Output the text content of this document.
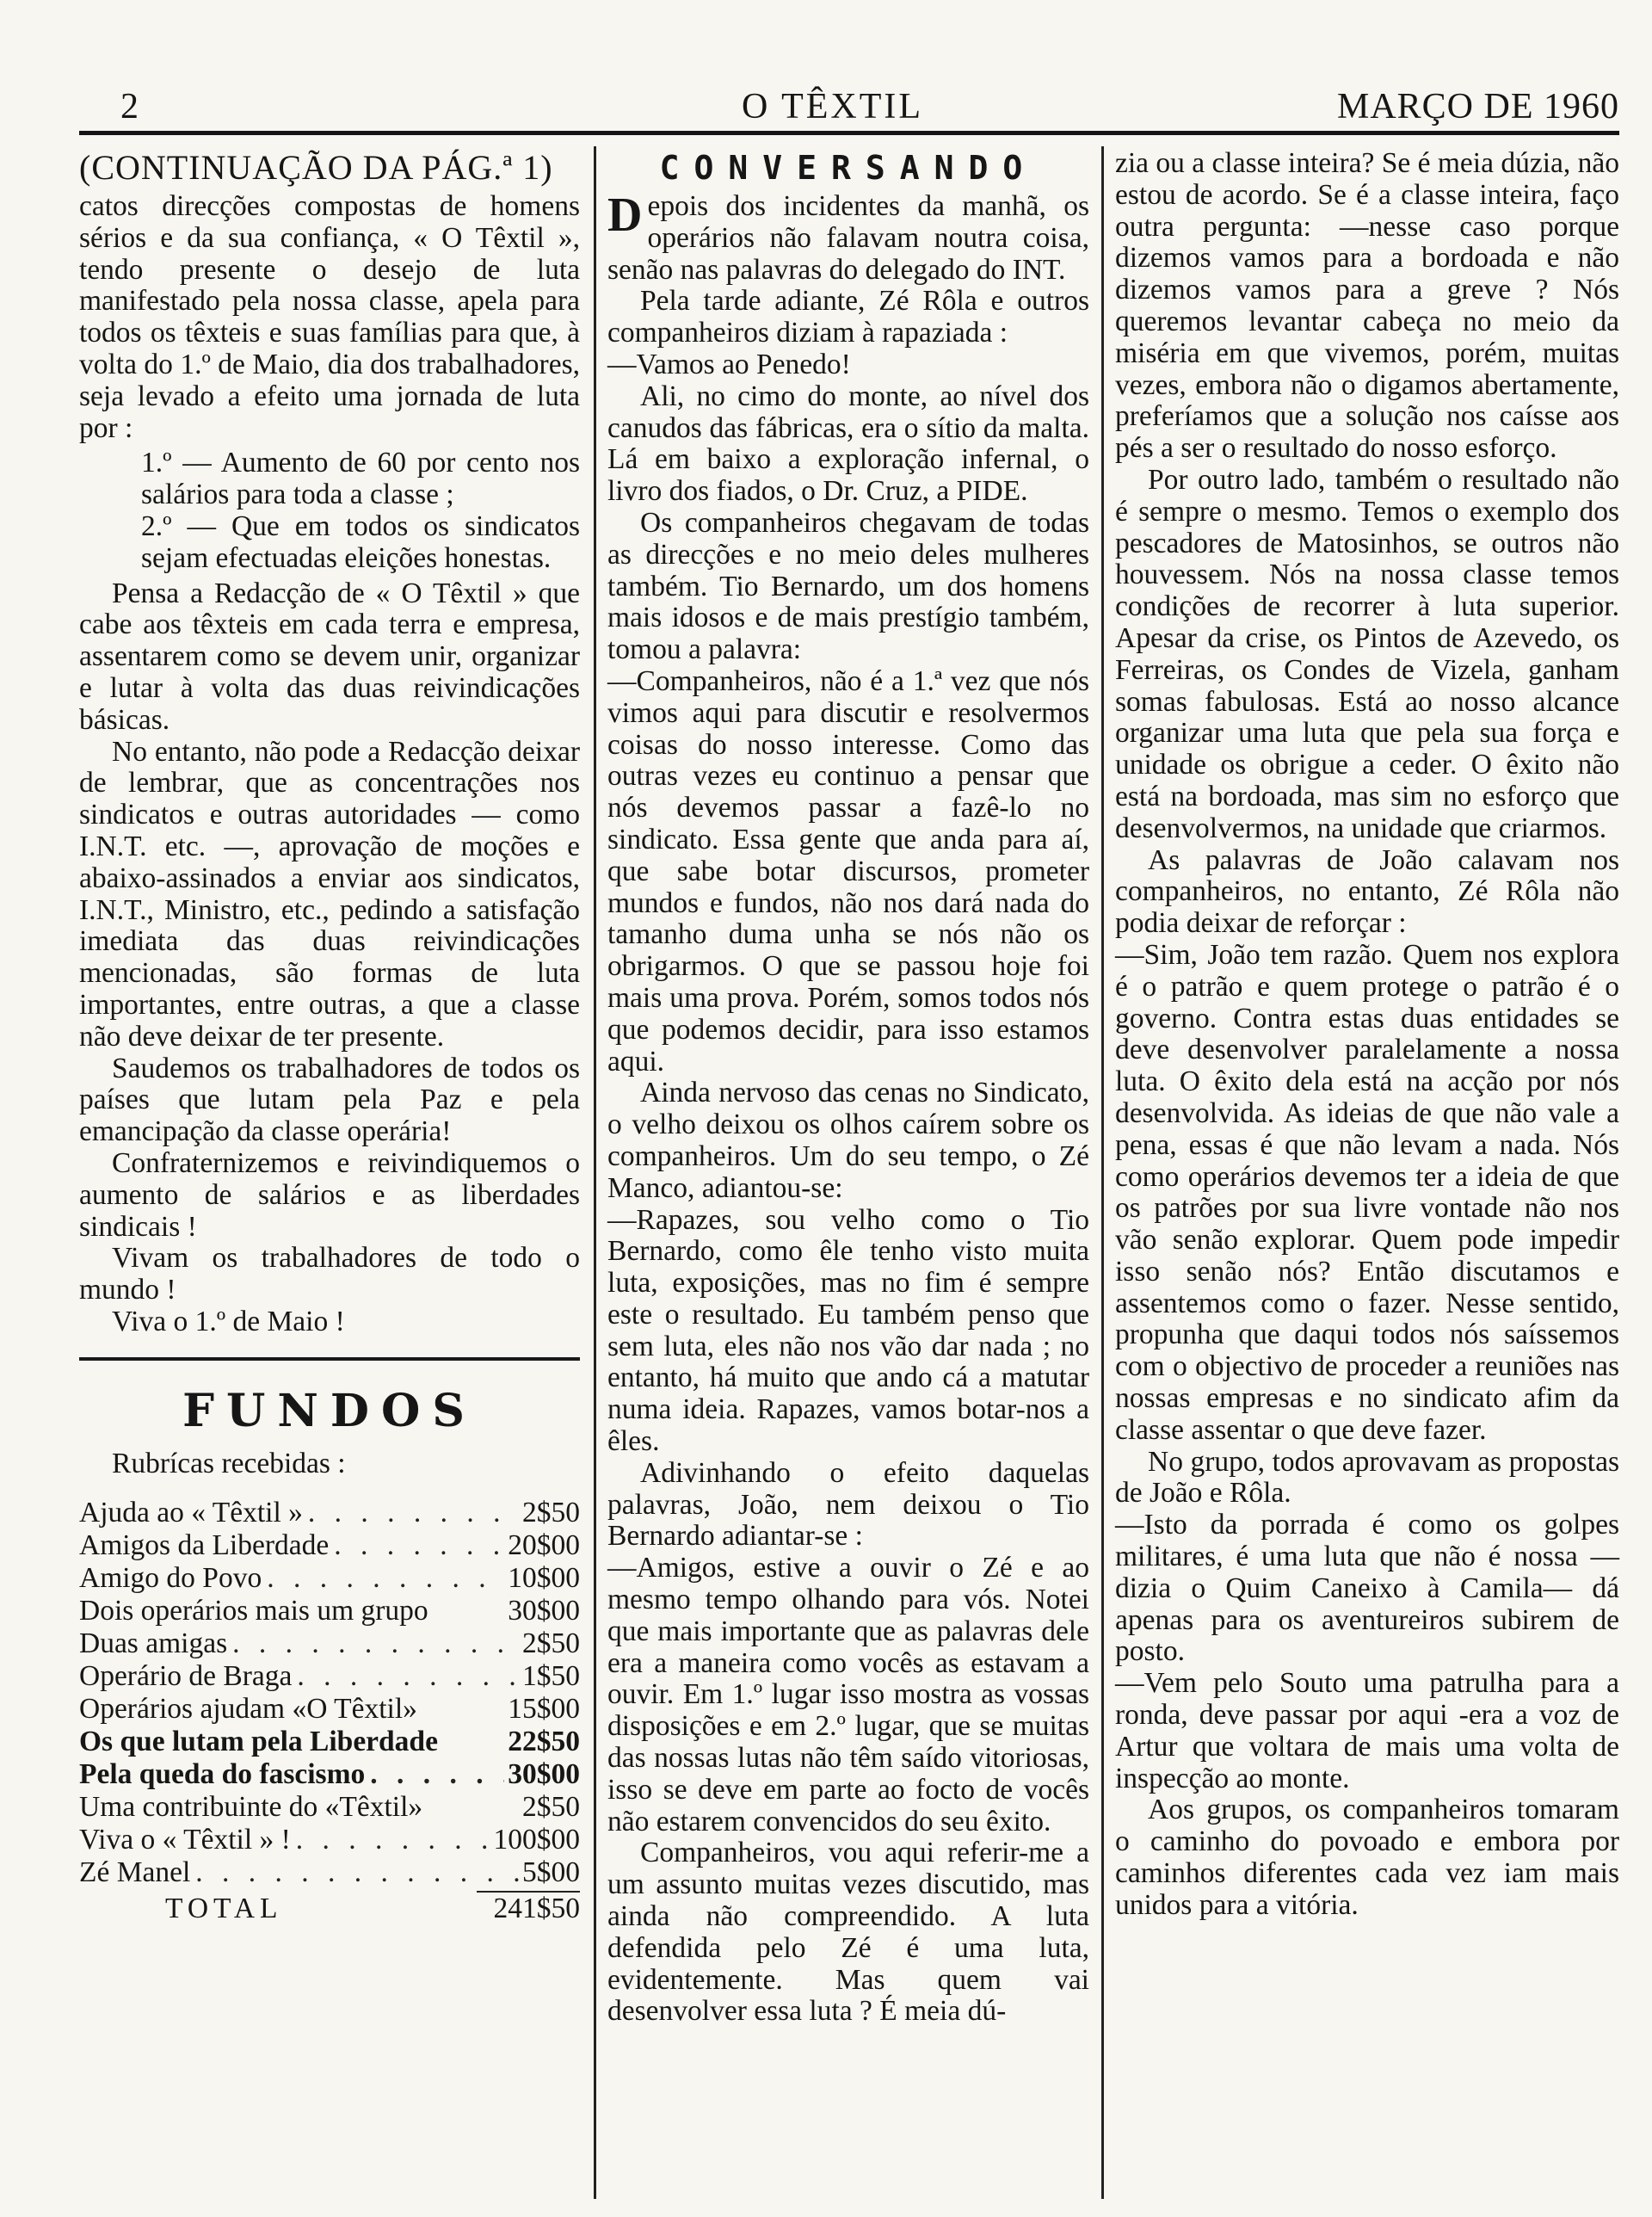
2	O TÊXTIL	MARÇO DE 1960
(CONTINUAÇÃO DA PÁG.ª 1)

catos direcções compostas de homens sérios e da sua confiança, « O Têxtil », tendo presente o desejo de luta manifestado pela nossa classe, apela para todos os têxteis e suas famílias para que, à volta do 1.º de Maio, dia dos trabalhadores, seja levado a efeito uma jornada de luta por :

1.º — Aumento de 60 por cento nos salários para toda a classe ;
2.º — Que em todos os sindicatos sejam efectuadas eleições honestas.

Pensa a Redacção de « O Têxtil » que cabe aos têxteis em cada terra e empresa, assentarem como se devem unir, organizar e lutar à volta das duas reivindicações básicas.

No entanto, não pode a Redacção deixar de lembrar, que as concentrações nos sindicatos e outras autoridades — como I.N.T. etc. —, aprovação de moções e abaixo-assinados a enviar aos sindicatos, I.N.T., Ministro, etc., pedindo a satisfação imediata das duas reivindicações mencionadas, são formas de luta importantes, entre outras, a que a classe não deve deixar de ter presente.

Saudemos os trabalhadores de todos os países que lutam pela Paz e pela emancipação da classe operária!

Confraternizemos e reivindiquemos o aumento de salários e as liberdades sindicais !

Vivam os trabalhadores de todo o mundo !

Viva o 1.º de Maio !

FUNDOS
Rubrícas recebidas :
Ajuda ao « Têxtil » . . .	2$50
Amigos da Liberdade . . .	20$00
Amigo do Povo . . .	10$00
Dois operários mais um grupo	30$00
Duas amigas . . .	2$50
Operário de Braga . . .	1$50
Operários ajudam «O Têxtil»	15$00
Os que lutam pela Liberdade 22$50
Pela queda do fascismo . . .	30$00
Uma contribuinte do «Têxtil»	2$50
Viva o « Têxtil » ! . . .	100$00
Zé Manel . . .	5$00
TOTAL	241$50
CONVERSANDO

Depois dos incidentes da manhã, os operários não falavam noutra coisa, senão nas palavras do delegado do INT.

Pela tarde adiante, Zé Rôla e outros companheiros diziam à rapaziada :

—Vamos ao Penedo!

Ali, no cimo do monte, ao nível dos canudos das fábricas, era o sítio da malta. Lá em baixo a exploração infernal, o livro dos fiados, o Dr. Cruz, a PIDE.

Os companheiros chegavam de todas as direcções e no meio deles mulheres também. Tio Bernardo, um dos homens mais idosos e de mais prestígio também, tomou a palavra:

—Companheiros, não é a 1.ª vez que nós vimos aqui para discutir e resolvermos coisas do nosso interesse. Como das outras vezes eu continuo a pensar que nós devemos passar a fazê-lo no sindicato. Essa gente que anda para aí, que sabe botar discursos, prometer mundos e fundos, não nos dará nada do tamanho duma unha se nós não os obrigarmos. O que se passou hoje foi mais uma prova. Porém, somos todos nós que podemos decidir, para isso estamos aqui.

Ainda nervoso das cenas no Sindicato, o velho deixou os olhos caírem sobre os companheiros. Um do seu tempo, o Zé Manco, adiantou-se:

—Rapazes, sou velho como o Tio Bernardo, como êle tenho visto muita luta, exposições, mas no fim é sempre este o resultado. Eu também penso que sem luta, eles não nos vão dar nada ; no entanto, há muito que ando cá a matutar numa ideia. Rapazes, vamos botar-nos a êles.

Adivinhando o efeito daquelas palavras, João, nem deixou o Tio Bernardo adiantar-se :

—Amigos, estive a ouvir o Zé e ao mesmo tempo olhando para vós. Notei que mais importante que as palavras dele era a maneira como vocês as estavam a ouvir. Em 1.º lugar isso mostra as vossas disposições e em 2.º lugar, que se muitas das nossas lutas não têm saído vitoriosas, isso se deve em parte ao focto de vocês não estarem convencidos do seu êxito.

Companheiros, vou aqui referir-me a um assunto muitas vezes discutido, mas ainda não compreendido. A luta defendida pelo Zé é uma luta, evidentemente. Mas quem vai desenvolver essa luta ? É meia dú-

zia ou a classe inteira? Se é meia dúzia, não estou de acordo. Se é a classe inteira, faço outra pergunta: —nesse caso porque dizemos vamos para a bordoada e não dizemos vamos para a greve ? Nós queremos levantar cabeça no meio da miséria em que vivemos, porém, muitas vezes, embora não o digamos abertamente, preferíamos que a solução nos caísse aos pés a ser o resultado do nosso esforço.

Por outro lado, também o resultado não é sempre o mesmo. Temos o exemplo dos pescadores de Matosinhos, se outros não houvessem. Nós na nossa classe temos condições de recorrer à luta superior. Apesar da crise, os Pintos de Azevedo, os Ferreiras, os Condes de Vizela, ganham somas fabulosas. Está ao nosso alcance organizar uma luta que pela sua força e unidade os obrigue a ceder. O êxito não está na bordoada, mas sim no esforço que desenvolvermos, na unidade que criarmos.

As palavras de João calavam nos companheiros, no entanto, Zé Rôla não podia deixar de reforçar :

—Sim, João tem razão. Quem nos explora é o patrão e quem protege o patrão é o governo. Contra estas duas entidades se deve desenvolver paralelamente a nossa luta. O êxito dela está na acção por nós desenvolvida. As ideias de que não vale a pena, essas é que não levam a nada. Nós como operários devemos ter a ideia de que os patrões por sua livre vontade não nos vão senão explorar. Quem pode impedir isso senão nós? Então discutamos e assentemos como o fazer. Nesse sentido, propunha que daqui todos nós saíssemos com o objectivo de proceder a reuniões nas nossas empresas e no sindicato afim da classe assentar o que deve fazer.

No grupo, todos aprovavam as propostas de João e Rôla.

—Isto da porrada é como os golpes militares, é uma luta que não é nossa —dizia o Quim Caneixo à Camila— dá apenas para os aventureiros subirem de posto.

—Vem pelo Souto uma patrulha para a ronda, deve passar por aqui -era a voz de Artur que voltara de mais uma volta de inspecção ao monte.

Aos grupos, os companheiros tomaram o caminho do povoado e embora por caminhos diferentes cada vez iam mais unidos para a vitória.
